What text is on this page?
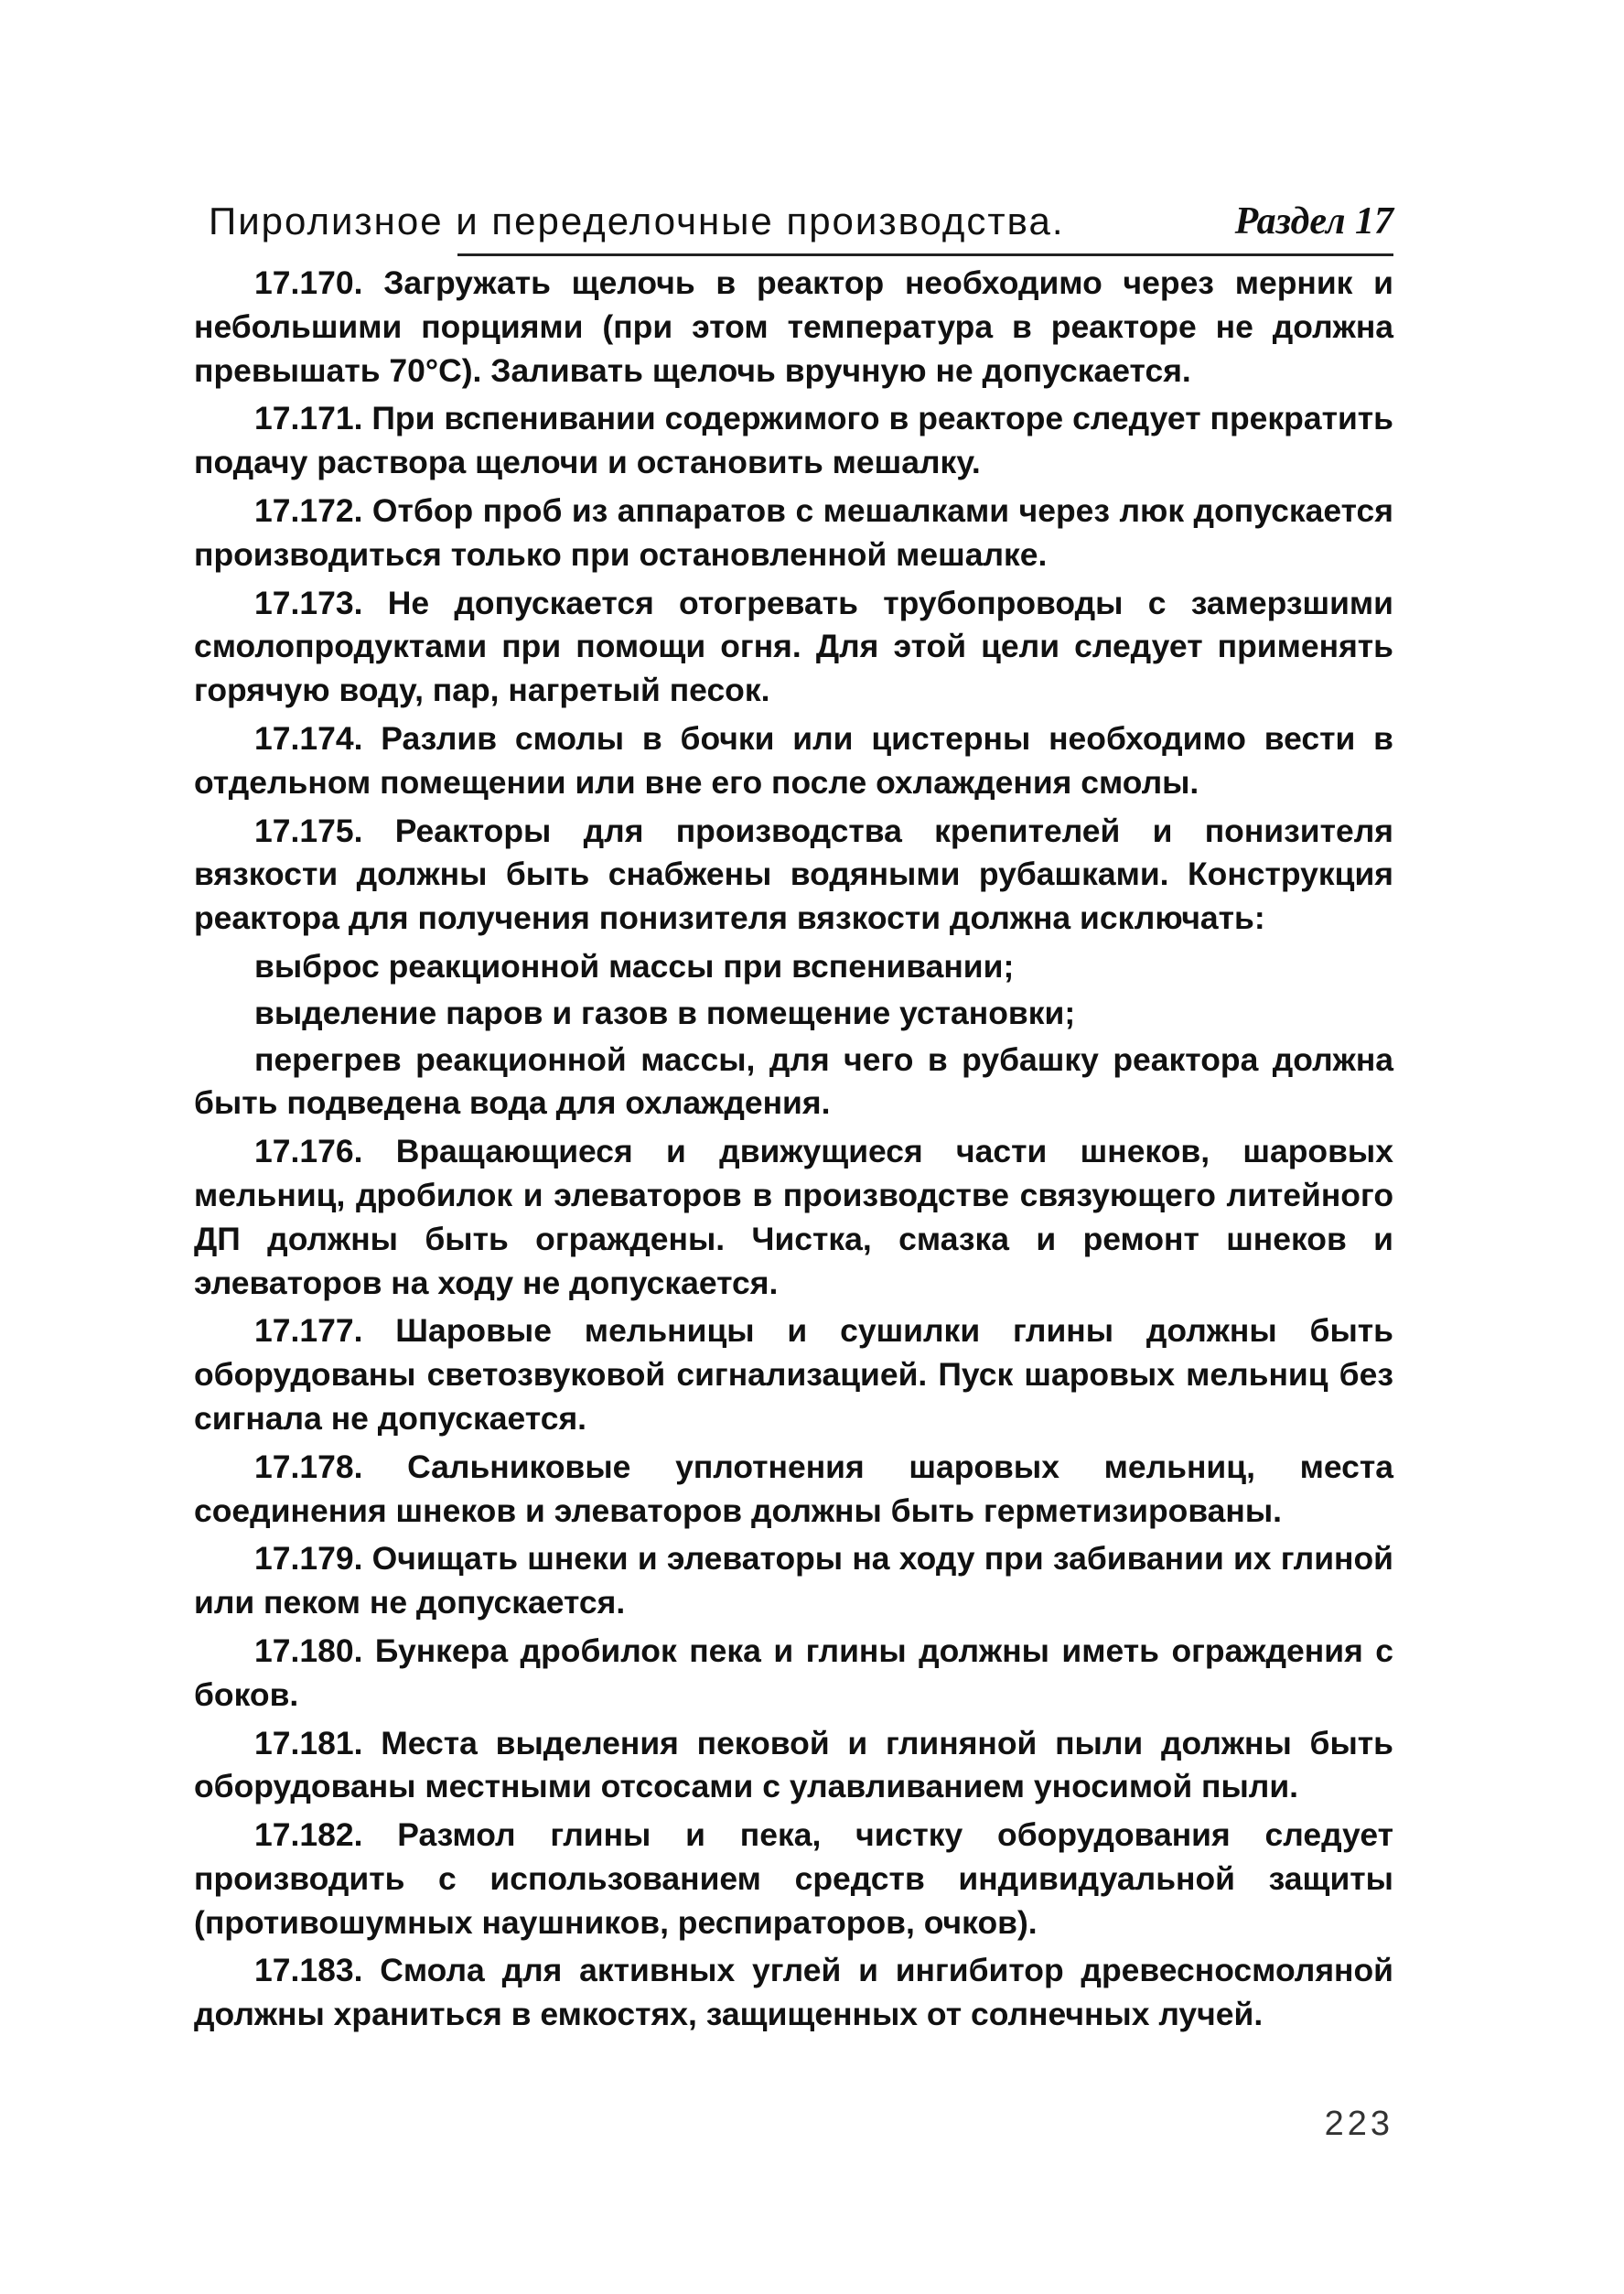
Пиролизное и переделочные производства.	Раздел 17

17.170. Загружать щелочь в реактор необходимо через мерник и небольшими порциями (при этом температура в реакторе не должна превышать 70°С). Заливать щелочь вручную не допускается.

17.171. При вспенивании содержимого в реакторе следует прекратить подачу раствора щелочи и остановить мешалку.

17.172. Отбор проб из аппаратов с мешалками через люк допускается производиться только при остановленной мешалке.

17.173. Не допускается отогревать трубопроводы с замерзшими смолопродуктами при помощи огня. Для этой цели следует применять горячую воду, пар, нагретый песок.

17.174. Разлив смолы в бочки или цистерны необходимо вести в отдельном помещении или вне его после охлаждения смолы.

17.175. Реакторы для производства крепителей и понизителя вязкости должны быть снабжены водяными рубашками. Конструкция реактора для получения понизителя вязкости должна исключать:

выброс реакционной массы при вспенивании;

выделение паров и газов в помещение установки;

перегрев реакционной массы, для чего в рубашку реактора должна быть подведена вода для охлаждения.

17.176. Вращающиеся и движущиеся части шнеков, шаровых мельниц, дробилок и элеваторов в производстве связующего литейного ДП должны быть ограждены. Чистка, смазка и ремонт шнеков и элеваторов на ходу не допускается.

17.177. Шаровые мельницы и сушилки глины должны быть оборудованы светозвуковой сигнализацией. Пуск шаровых мельниц без сигнала не допускается.

17.178. Сальниковые уплотнения шаровых мельниц, места соединения шнеков и элеваторов должны быть герметизированы.

17.179. Очищать шнеки и элеваторы на ходу при забивании их глиной или пеком не допускается.

17.180. Бункера дробилок пека и глины должны иметь ограждения с боков.

17.181. Места выделения пековой и глиняной пыли должны быть оборудованы местными отсосами с улавливанием уносимой пыли.

17.182. Размол глины и пека, чистку оборудования следует производить с использованием средств индивидуальной защиты (противошумных наушников, респираторов, очков).

17.183. Смола для активных углей и ингибитор древесносмоляной должны храниться в емкостях, защищенных от солнечных лучей.

223
